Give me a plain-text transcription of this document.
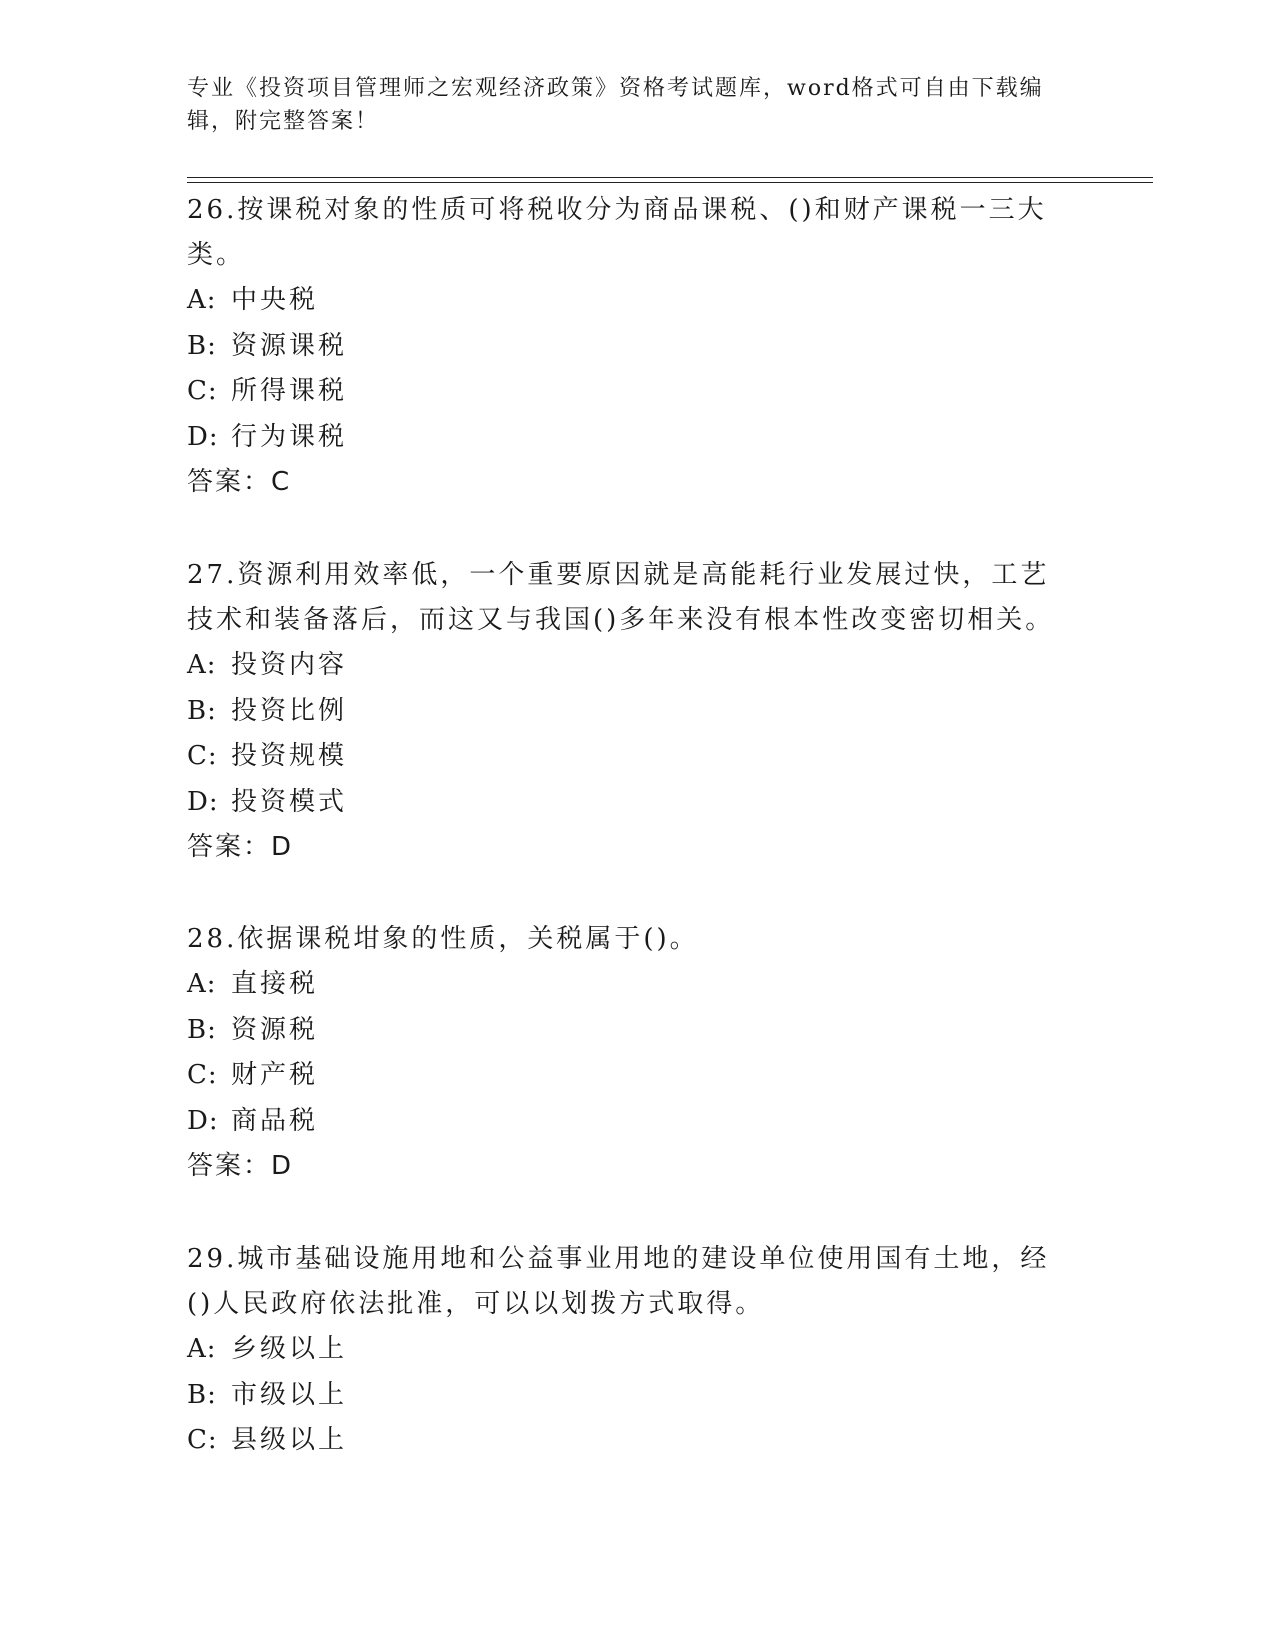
专业《投资项目管理师之宏观经济政策》资格考试题库，word格式可自由下载编辑，附完整答案！

26.按课税对象的性质可将税收分为商品课税、()和财产课税一三大类。

A: 中央税

B: 资源课税

C: 所得课税

D: 行为课税

答案：C

27.资源利用效率低，一个重要原因就是高能耗行业发展过快，工艺技术和装备落后，而这又与我国()多年来没有根本性改变密切相关。

A: 投资内容

B: 投资比例

C: 投资规模

D: 投资模式

答案：D

28.依据课税坩象的性质，关税属于()。

A: 直接税

B: 资源税

C: 财产税

D: 商品税

答案：D

29.城市基础设施用地和公益事业用地的建设单位使用国有土地，经()人民政府依法批准，可以以划拨方式取得。

A: 乡级以上

B: 市级以上

C: 县级以上
